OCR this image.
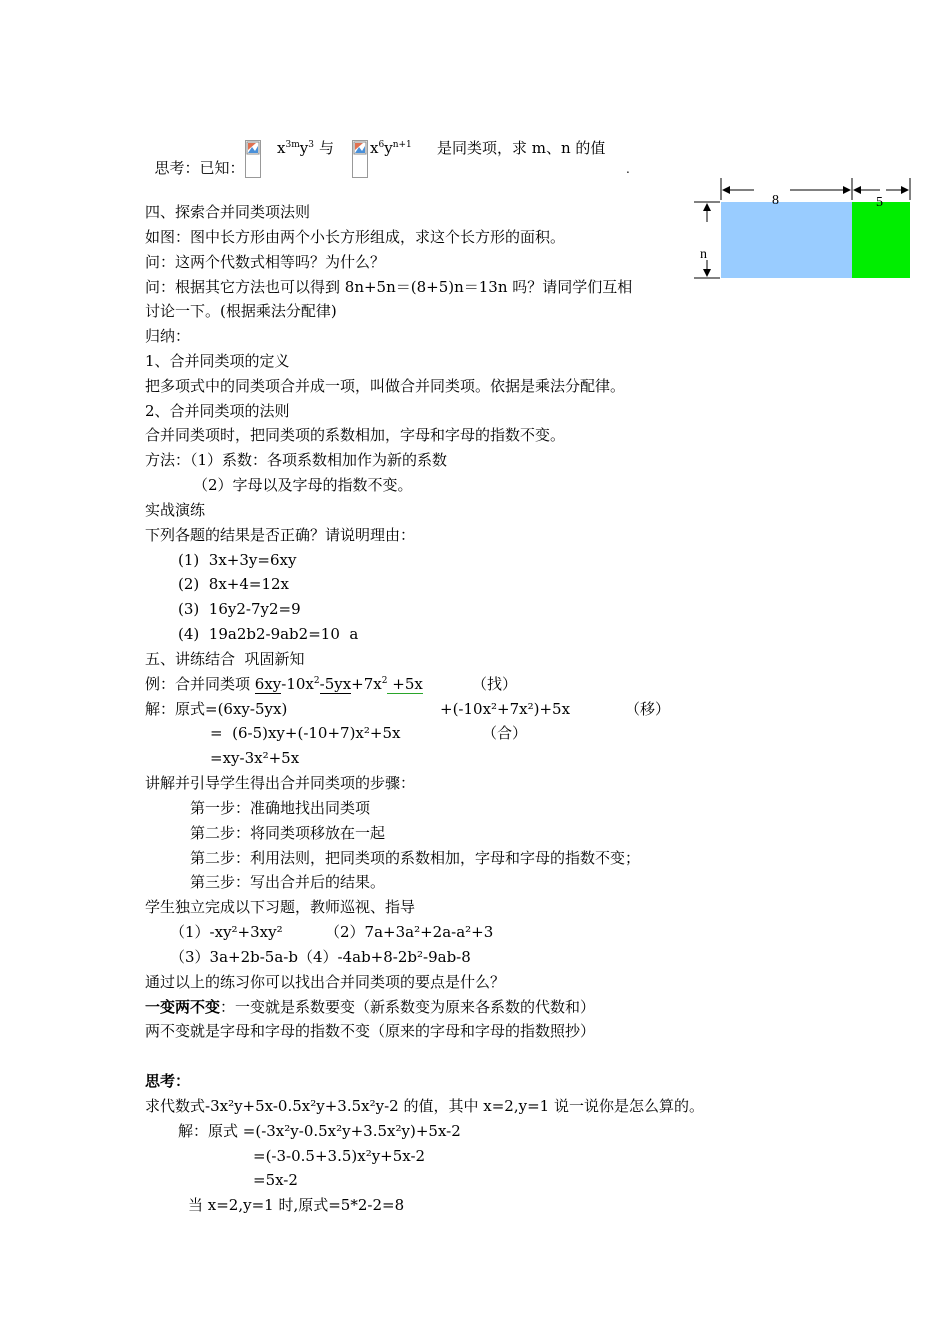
思考：已知：

$x^{3m}y^3$ 与 $x^6y^{n+1}$ 是同类项，求 m、n 的值
.
8	5
n
四、探索合并同类项法则
如图：图中长方形由两个小长方形组成，求这个长方形的面积。
问：这两个代数式相等吗？为什么？
问：根据其它方法也可以得到 8n+5n＝(8+5)n＝13n 吗？请同学们互相
讨论一下。(根据乘法分配律)
归纳：
1、合并同类项的定义
把多项式中的同类项合并成一项，叫做合并同类项。依据是乘法分配律。
2、合并同类项的法则
合并同类项时，把同类项的系数相加，字母和字母的指数不变。
方法：（1）系数：各项系数相加作为新的系数
（2）字母以及字母的指数不变。
实战演练
下列各题的结果是否正确？请说明理由：
(1)  3x+3y=6xy
(2)  8x+4=12x
(3)  16y2-7y2=9
(4)  19a2b2-9ab2=10  a
五、讲练结合  巩固新知
例：合并同类项 $6xy-10x^2-5yx+7x^2 +5x$	（找）
解：原式=(6xy-5yx)	+(-10x²+7x²)+5x	（移）
=  (6-5)xy+(-10+7)x²+5x	（合）
=xy-3x²+5x
讲解并引导学生得出合并同类项的步骤：
第一步：准确地找出同类项
第二步：将同类项移放在一起
第二步：利用法则，把同类项的系数相加，字母和字母的指数不变；
第三步：写出合并后的结果。
学生独立完成以下习题，教师巡视、指导
（1）-xy²+3xy²	（2）7a+3a²+2a-a²+3
（3）3a+2b-5a-b（4）-4ab+8-2b²-9ab-8
通过以上的练习你可以找出合并同类项的要点是什么？
一变两不变：一变就是系数要变（新系数变为原来各系数的代数和）
两不变就是字母和字母的指数不变（原来的字母和字母的指数照抄）
思考：
求代数式-3x²y+5x-0.5x²y+3.5x²y-2 的值，其中 x=2,y=1 说一说你是怎么算的。
解：原式 =(-3x²y-0.5x²y+3.5x²y)+5x-2
=(-3-0.5+3.5)x²y+5x-2
=5x-2
当 x=2,y=1 时,原式=5*2-2=8
